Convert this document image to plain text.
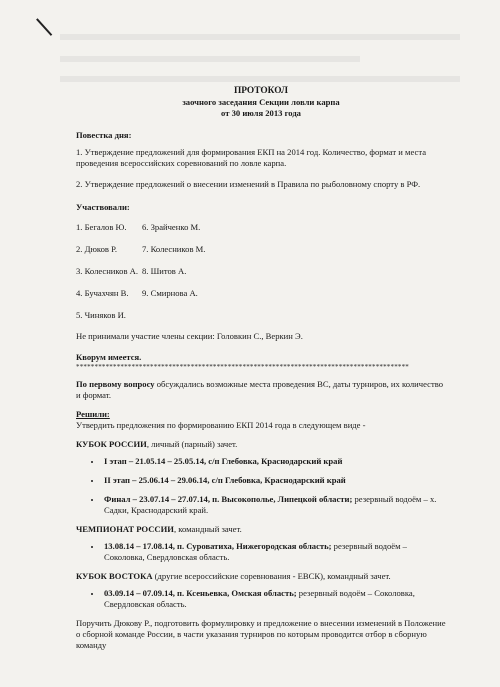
ПРОТОКОЛ

заочного заседания Секции ловли карпа

от 30 июля 2013 года

Повестка дня:

1. Утверждение предложений для формирования ЕКП на 2014 год. Количество, формат и места проведения всероссийских соревнований по ловле карпа.

2. Утверждение предложений о внесении изменений в Правила по рыболовному спорту в РФ.

Участвовали:

1. Бегалов Ю.	6. Зрайченко М.
2. Дюков Р.	7. Колесников М.
3. Колесников А. 8. Шитов А.
4. Бучахчян В.	9. Смирнова А.
5. Чиняков И.

Не принимали участие члены секции: Головкин С., Веркин Э.

Кворум имеется.

******************************************************************************************

По первому вопросу обсуждались возможные места проведения ВС, даты турниров, их количество и формат.

Решили:

Утвердить предложения по формированию ЕКП 2014 года в следующем виде -

КУБОК РОССИИ, личный (парный) зачет.

• I этап – 21.05.14 – 25.05.14, с/п Глебовка, Краснодарский край
• II этап – 25.06.14 – 29.06.14, с/п Глебовка, Краснодарский край
• Финал – 23.07.14 – 27.07.14, п. Высокополье, Липецкой области; резервный водоём – х. Садки, Краснодарский край.

ЧЕМПИОНАТ РОССИИ, командный зачет.

• 13.08.14 – 17.08.14, п. Суроватиха, Нижегородская область; резервный водоём – Соколовка, Свердловская область.

КУБОК ВОСТОКА (другие всероссийские соревнования - ЕВСК), командный зачет.

• 03.09.14 – 07.09.14, п. Ксеньевка, Омская область; резервный водоём – Соколовка, Свердловская область.

Поручить Дюкову Р., подготовить формулировку и предложение о внесении изменений в Положение о сборной команде России, в части указания турниров по которым проводится отбор в сборную команду
